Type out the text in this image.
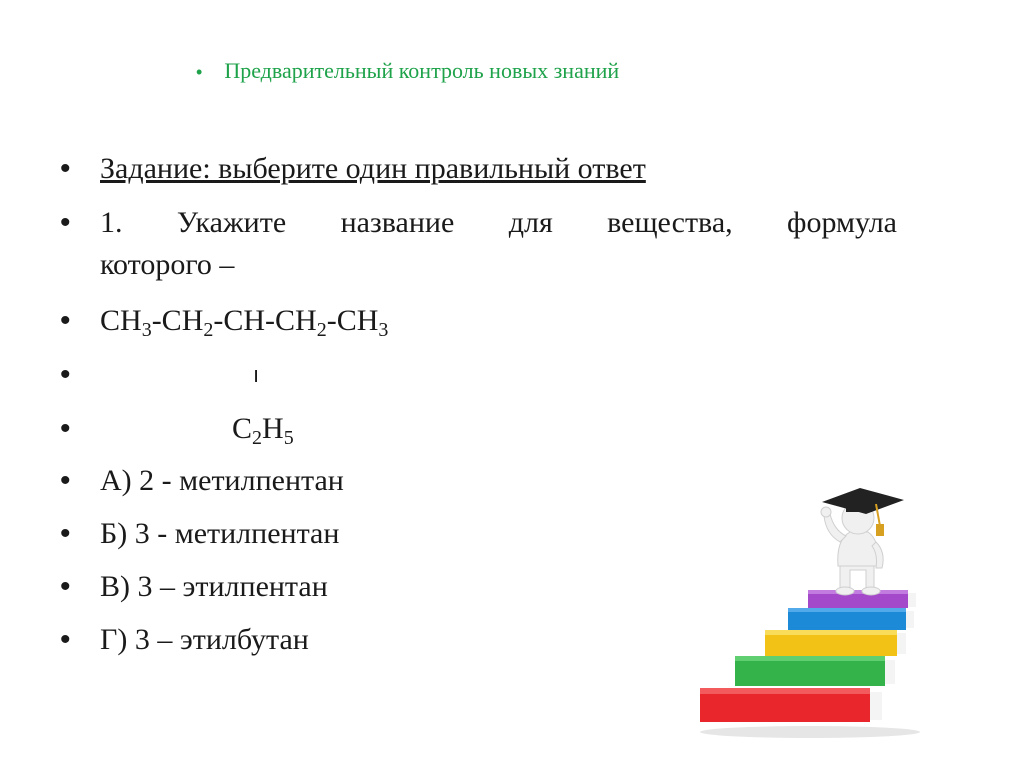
• Предварительный контроль новых знаний
• Задание: выберите один правильный ответ
• 1. Укажите название для вещества, формула
которого –
• $CH_3-CH_2-CH-CH_2-CH_3$
•	ı
•	$C_2H_5$
• А) 2 - метилпентан
• Б) 3 - метилпентан
• В) 3 – этилпентан
• Г) 3 – этилбутан
